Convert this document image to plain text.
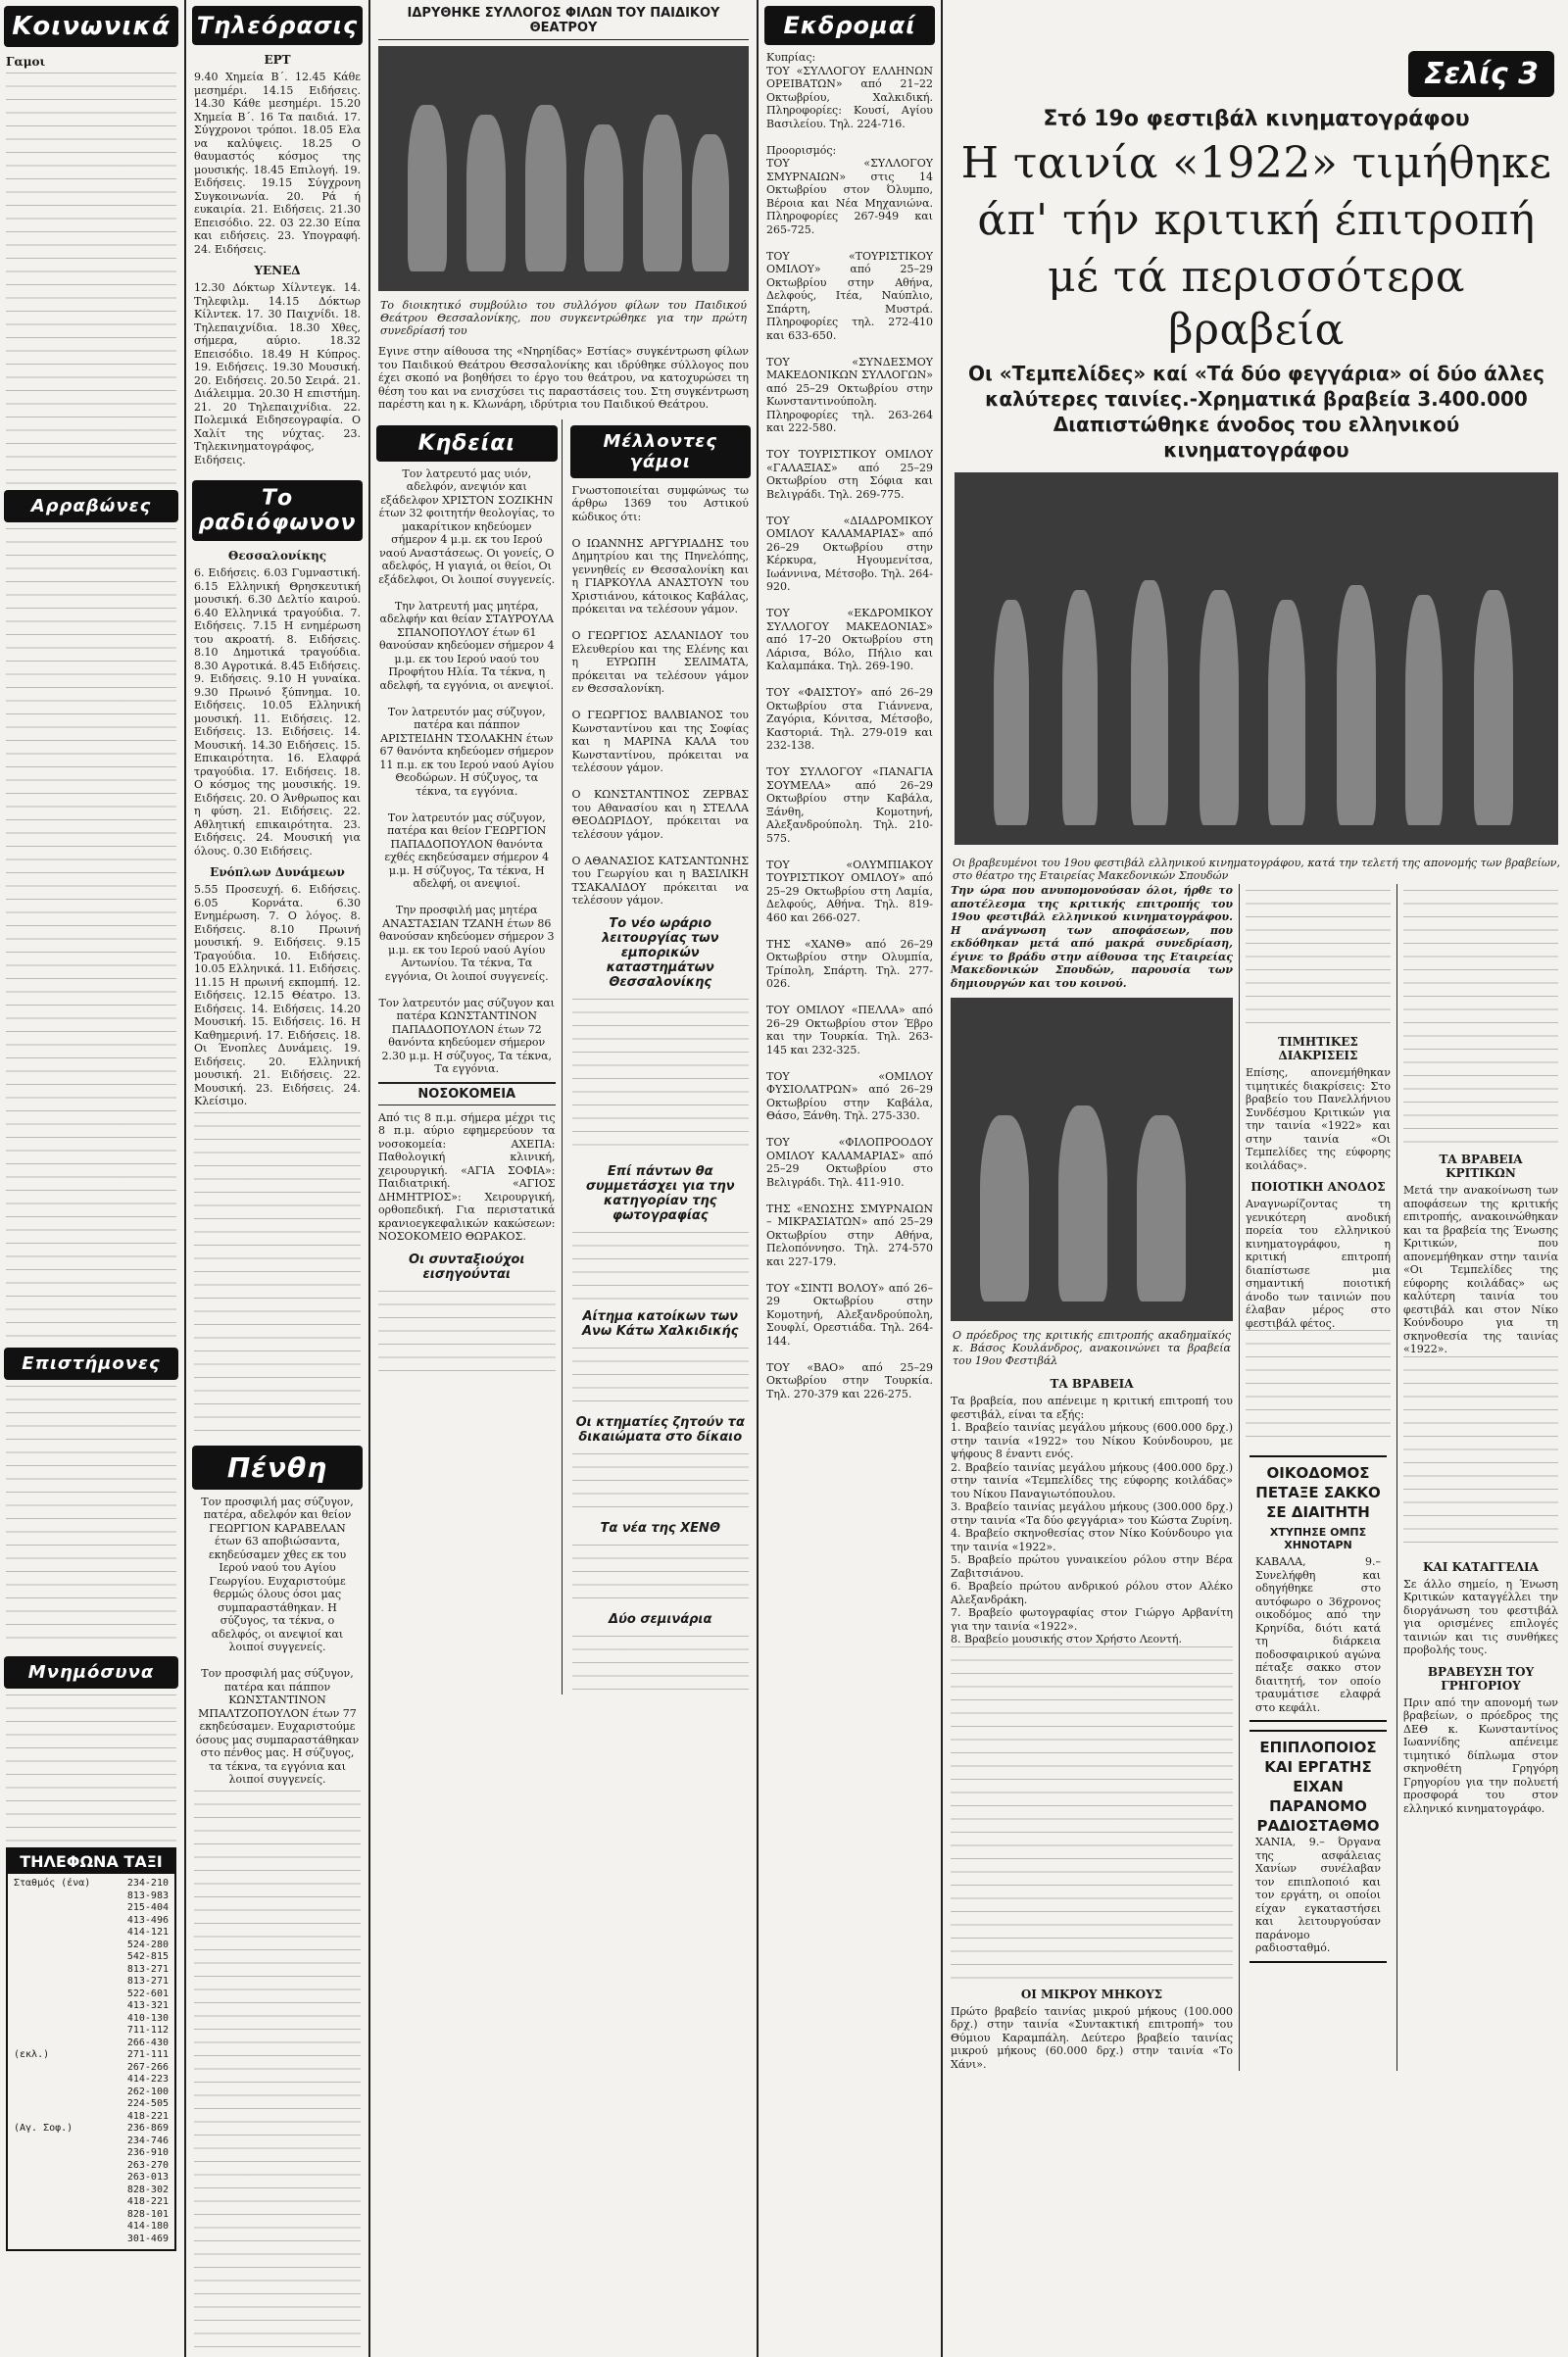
Κοινωνικά
Γαμοι
Αρραβώνες
Επιστήμονες
Μνημόσυνα
ΤΗΛΕΦΩΝΑ ΤΑΞΙ
Σταθμός (ένα)	234-210
813-983
215-404
413-496
414-121
524-280
542-815
813-271
813-271
522-601
413-321
410-130
711-112
266-430
(εκλ.)	271-111
267-266
414-223
262-100
224-505
418-221
(Αγ. Σοφ.)	236-869
234-746
236-910
263-270
263-013
828-302
418-221
828-101
414-180
301-469
Τηλεόρασις
ΕΡΤ
9.40 Χημεία Β΄. 12.45 Κάθε μεσημέρι. 14.15 Ειδήσεις. 14.30 Κάθε μεσημέρι. 15.20 Χημεία Β΄. 16 Τα παιδιά. 17. Σύγχρονοι τρόποι. 18.05 Ελα να καλύψεις. 18.25 Ο θαυμαστός κόσμος της μουσικής. 18.45 Επιλογή. 19. Ειδήσεις. 19.15 Σύγχρονη Συγκοινωνία. 20. Ρά ή ευκαιρία. 21. Ειδήσεις. 21.30 Επεισόδιο. 22. 03 22.30 Είπα και ειδήσεις. 23. Υπογραφή. 24. Ειδήσεις.
ΥΕΝΕΔ
12.30 Δόκτωρ Χίλντεγκ. 14. Τηλεφιλμ. 14.15 Δόκτωρ Κίλντεκ. 17. 30 Παιχνίδι. 18. Τηλεπαιχνίδια. 18.30 Χθες, σήμερα, αύριο. 18.32 Επεισόδιο. 18.49 Η Κύπρος. 19. Ειδήσεις. 19.30 Μουσική. 20. Ειδήσεις. 20.50 Σειρά. 21. Διάλειμμα. 20.30 Η επιστήμη. 21. 20 Τηλεπαιχνίδια. 22. Πολεμικά Ειδησεογραφία. Ο Χαλίτ της νύχτας. 23. Τηλεκινηματογράφος, Ειδήσεις.
Το ραδιόφωνον
Θεσσαλονίκης
6. Ειδήσεις. 6.03 Γυμναστική. 6.15 Ελληνική Θρησκευτική μουσική. 6.30 Δελτίο καιρού. 6.40 Ελληνικά τραγούδια. 7. Ειδήσεις. 7.15 Η ενημέρωση του ακροατή. 8. Ειδήσεις. 8.10 Δημοτικά τραγούδια. 8.30 Αγροτικά. 8.45 Ειδήσεις. 9. Ειδήσεις. 9.10 Η γυναίκα. 9.30 Πρωινό ξύπνημα. 10. Ειδήσεις. 10.05 Ελληνική μουσική. 11. Ειδήσεις. 12. Ειδήσεις. 13. Ειδήσεις. 14. Μουσική. 14.30 Ειδήσεις. 15. Επικαιρότητα. 16. Ελαφρά τραγούδια. 17. Ειδήσεις. 18. Ο κόσμος της μουσικής. 19. Ειδήσεις. 20. Ο Άνθρωπος και η φύση. 21. Ειδήσεις. 22. Αθλητική επικαιρότητα. 23. Ειδήσεις. 24. Μουσική για όλους. 0.30 Ειδήσεις.
Ενόπλων Δυνάμεων
5.55 Προσευχή. 6. Ειδήσεις. 6.05 Κορνάτα. 6.30 Ενημέρωση. 7. Ο λόγος. 8. Ειδήσεις. 8.10 Πρωινή μουσική. 9. Ειδήσεις. 9.15 Τραγούδια. 10. Ειδήσεις. 10.05 Ελληνικά. 11. Ειδήσεις. 11.15 Η πρωινή εκπομπή. 12. Ειδήσεις. 12.15 Θέατρο. 13. Ειδήσεις. 14. Ειδήσεις. 14.20 Μουσική. 15. Ειδήσεις. 16. Η Καθημερινή. 17. Ειδήσεις. 18. Οι Ένοπλες Δυνάμεις. 19. Ειδήσεις. 20. Ελληνική μουσική. 21. Ειδήσεις. 22. Μουσική. 23. Ειδήσεις. 24. Κλείσιμο.
Πένθη
Τον προσφιλή μας σύζυγον, πατέρα, αδελφόν και θείον ΓΕΩΡΓΙΟΝ ΚΑΡΑΒΕΛΑΝ έτων 63 αποβιώσαντα, εκηδεύσαμεν χθες εκ του Ιερού ναού του Αγίου Γεωργίου. Ευχαριστούμε θερμώς όλους όσοι μας συμπαραστάθηκαν. Η σύζυγος, τα τέκνα, ο αδελφός, οι ανεψιοί και λοιποί συγγενείς.

Τον προσφιλή μας σύζυγον, πατέρα και πάππον ΚΩΝΣΤΑΝΤΙΝΟΝ ΜΠΑΛΤΖΟΠΟΥΛΟΝ έτων 77 εκηδεύσαμεν. Ευχαριστούμε όσους μας συμπαραστάθηκαν στο πένθος μας. Η σύζυγος, τα τέκνα, τα εγγόνια και λοιποί συγγενείς.
ΙΔΡΥΘΗΚΕ ΣΥΛΛΟΓΟΣ ΦΙΛΩΝ ΤΟΥ ΠΑΙΔΙΚΟΥ ΘΕΑΤΡΟΥ
Το διοικητικό συμβούλιο του συλλόγου φίλων του Παιδικού Θεάτρου Θεσσαλονίκης, που συγκεντρώθηκε για την πρώτη συνεδρίασή του
Εγινε στην αίθουσα της «Νηρηίδας» Εστίας» συγκέντρωση φίλων του Παιδικού Θεάτρου Θεσσαλονίκης και ιδρύθηκε σύλλογος που έχει σκοπό να βοηθήσει το έργο του θεάτρου, να κατοχυρώσει τη θέση του και να ενισχύσει τις παραστάσεις του. Στη συγκέντρωση παρέστη και η κ. Κλωνάρη, ιδρύτρια του Παιδικού Θεάτρου.
Κηδείαι
Τον λατρευτό μας υιόν, αδελφόν, ανεψιόν και εξάδελφον ΧΡΙΣΤΟΝ ΣΟΖΙΚΗΝ έτων 32 φοιτητήν θεολογίας, το μακαρίτικον κηδεύομεν σήμερον 4 μ.μ. εκ του Ιερού ναού Αναστάσεως. Οι γονείς, Ο αδελφός, Η γιαγιά, οι θείοι, Οι εξάδελφοι, Οι λοιποί συγγενείς.

Την λατρευτή μας μητέρα, αδελφήν και θείαν ΣΤΑΥΡΟΥΛΑ ΣΠΑΝΟΠΟΥΛΟΥ έτων 61 θανούσαν κηδεύομεν σήμερον 4 μ.μ. εκ του Ιερού ναού του Προφήτου Ηλία. Τα τέκνα, η αδελφή, τα εγγόνια, οι ανεψιοί.

Τον λατρευτόν μας σύζυγον, πατέρα και πάππον ΑΡΙΣΤΕΙΔΗΝ ΤΣΟΛΑΚΗΝ έτων 67 θανόντα κηδεύομεν σήμερον 11 π.μ. εκ του Ιερού ναού Αγίου Θεοδώρων. Η σύζυγος, τα τέκνα, τα εγγόνια.

Τον λατρευτόν μας σύζυγον, πατέρα και θείον ΓΕΩΡΓΙΟΝ ΠΑΠΑΔΟΠΟΥΛΟΝ θανόντα εχθές εκηδεύσαμεν σήμερον 4 μ.μ. Η σύζυγος, Τα τέκνα, Η αδελφή, οι ανεψιοί.

Την προσφιλή μας μητέρα ΑΝΑΣΤΑΣΙΑΝ ΤΖΑΝΗ έτων 86 θανούσαν κηδεύομεν σήμερον 3 μ.μ. εκ του Ιερού ναού Αγίου Αντωνίου. Τα τέκνα, Τα εγγόνια, Οι λοιποί συγγενείς.

Τον λατρευτόν μας σύζυγον και πατέρα ΚΩΝΣΤΑΝΤΙΝΟΝ ΠΑΠΑΔΟΠΟΥΛΟΝ έτων 72 θανόντα κηδεύομεν σήμερον 2.30 μ.μ. Η σύζυγος, Τα τέκνα, Τα εγγόνια.
ΝΟΣΟΚΟΜΕΙΑ
Από τις 8 π.μ. σήμερα μέχρι τις 8 π.μ. αύριο εφημερεύουν τα νοσοκομεία: ΑΧΕΠΑ: Παθολογική κλινική, χειρουργική. «ΑΓΙΑ ΣΟΦΙΑ»: Παιδιατρική. «ΑΓΙΟΣ ΔΗΜΗΤΡΙΟΣ»: Χειρουργική, ορθοπεδική. Για περιστατικά κρανιοεγκεφαλικών κακώσεων: ΝΟΣΟΚΟΜΕΙΟ ΘΩΡΑΚΟΣ.
Οι συνταξιούχοι εισηγούνται
Μέλλοντες γάμοι
Γνωστοποιείται συμφώνως τω άρθρω 1369 του Αστικού κώδικος ότι:

Ο ΙΩΑΝΝΗΣ ΑΡΓΥΡΙΑΔΗΣ του Δημητρίου και της Πηνελόπης, γεννηθείς εν Θεσσαλονίκη και η ΓΙΑΡΚΟΥΛΑ ΑΝΑΣΤΟΥΝ του Χριστιάνου, κάτοικος Καβάλας, πρόκειται να τελέσουν γάμον.

Ο ΓΕΩΡΓΙΟΣ ΑΣΛΑΝΙΔΟΥ του Ελευθερίου και της Ελένης και η ΕΥΡΩΠΗ ΣΕΛΙΜΑΤΑ, πρόκειται να τελέσουν γάμον εν Θεσσαλονίκη.

Ο ΓΕΩΡΓΙΟΣ ΒΑΛΒΙΑΝΟΣ του Κωνσταντίνου και της Σοφίας και η ΜΑΡΙΝΑ ΚΑΛΑ του Κωνσταντίνου, πρόκειται να τελέσουν γάμον.

Ο ΚΩΝΣΤΑΝΤΙΝΟΣ ΖΕΡΒΑΣ του Αθανασίου και η ΣΤΕΛΛΑ ΘΕΟΔΩΡΙΔΟΥ, πρόκειται να τελέσουν γάμον.

Ο ΑΘΑΝΑΣΙΟΣ ΚΑΤΣΑΝΤΩΝΗΣ του Γεωργίου και η ΒΑΣΙΛΙΚΗ ΤΣΑΚΑΛΙΔΟΥ πρόκειται να τελέσουν γάμον.
Το νέο ωράριο λειτουργίας των εμπορικών καταστημάτων Θεσσαλονίκης
Επί πάντων θα συμμετάσχει για την κατηγορίαν της φωτογραφίας
Αίτημα κατοίκων των Ανω Κάτω Χαλκιδικής
Οι κτηματίες ζητούν τα δικαιώματα στο δίκαιο
Τα νέα της ΧΕΝΘ
Δύο σεμινάρια
Εκδρομαί
Κυπρίας:
ΤΟΥ «ΣΥΛΛΟΓΟΥ ΕΛΛΗΝΩΝ ΟΡΕΙΒΑΤΩΝ» από 21–22 Οκτωβρίου, Χαλκιδική. Πληροφορίες: Κουσί, Αγίου Βασιλείου. Τηλ. 224-716.

Προορισμός:
ΤΟΥ «ΣΥΛΛΟΓΟΥ ΣΜΥΡΝΑΙΩΝ» στις 14 Οκτωβρίου στον Όλυμπο, Βέροια και Νέα Μηχανιώνα. Πληροφορίες 267-949 και 265-725.

ΤΟΥ «ΤΟΥΡΙΣΤΙΚΟΥ ΟΜΙΛΟΥ» από 25–29 Οκτωβρίου στην Αθήνα, Δελφούς, Ιτέα, Ναύπλιο, Σπάρτη, Μυστρά. Πληροφορίες τηλ. 272-410 και 633-650.

ΤΟΥ «ΣΥΝΔΕΣΜΟΥ ΜΑΚΕΔΟΝΙΚΩΝ ΣΥΛΛΟΓΩΝ» από 25–29 Οκτωβρίου στην Κωνσταντινούπολη. Πληροφορίες τηλ. 263-264 και 222-580.

ΤΟΥ ΤΟΥΡΙΣΤΙΚΟΥ ΟΜΙΛΟΥ «ΓΑΛΑΞΙΑΣ» από 25–29 Οκτωβρίου στη Σόφια και Βελιγράδι. Τηλ. 269-775.

ΤΟΥ «ΔΙΑΔΡΟΜΙΚΟΥ ΟΜΙΛΟΥ ΚΑΛΑΜΑΡΙΑΣ» από 26–29 Οκτωβρίου στην Κέρκυρα, Ηγουμενίτσα, Ιωάννινα, Μέτσοβο. Τηλ. 264-920.

ΤΟΥ «ΕΚΔΡΟΜΙΚΟΥ ΣΥΛΛΟΓΟΥ ΜΑΚΕΔΟΝΙΑΣ» από 17–20 Οκτωβρίου στη Λάρισα, Βόλο, Πήλιο και Καλαμπάκα. Τηλ. 269-190.

ΤΟΥ «ΦΑΙΣΤΟΥ» από 26–29 Οκτωβρίου στα Γιάννενα, Ζαγόρια, Κόνιτσα, Μέτσοβο, Καστοριά. Τηλ. 279-019 και 232-138.

ΤΟΥ ΣΥΛΛΟΓΟΥ «ΠΑΝΑΓΙΑ ΣΟΥΜΕΛΑ» από 26–29 Οκτωβρίου στην Καβάλα, Ξάνθη, Κομοτηνή, Αλεξανδρούπολη. Τηλ. 210-575.

ΤΟΥ «ΟΛΥΜΠΙΑΚΟΥ ΤΟΥΡΙΣΤΙΚΟΥ ΟΜΙΛΟΥ» από 25–29 Οκτωβρίου στη Λαμία, Δελφούς, Αθήνα. Τηλ. 819-460 και 266-027.

ΤΗΣ «ΧΑΝΘ» από 26–29 Οκτωβρίου στην Ολυμπία, Τρίπολη, Σπάρτη. Τηλ. 277-026.

ΤΟΥ ΟΜΙΛΟΥ «ΠΕΛΛΑ» από 26–29 Οκτωβρίου στον Έβρο και την Τουρκία. Τηλ. 263-145 και 232-325.

ΤΟΥ «ΟΜΙΛΟΥ ΦΥΣΙΟΛΑΤΡΩΝ» από 26–29 Οκτωβρίου στην Καβάλα, Θάσο, Ξάνθη. Τηλ. 275-330.

ΤΟΥ «ΦΙΛΟΠΡΟΟΔΟΥ ΟΜΙΛΟΥ ΚΑΛΑΜΑΡΙΑΣ» από 25–29 Οκτωβρίου στο Βελιγράδι. Τηλ. 411-910.

ΤΗΣ «ΕΝΩΣΗΣ ΣΜΥΡΝΑΙΩΝ – ΜΙΚΡΑΣΙΑΤΩΝ» από 25–29 Οκτωβρίου στην Αθήνα, Πελοπόννησο. Τηλ. 274-570 και 227-179.

ΤΟΥ «ΣΙΝΤΙ ΒΟΛΟΥ» από 26–29 Οκτωβρίου στην Κομοτηνή, Αλεξανδρούπολη, Σουφλί, Ορεστιάδα. Τηλ. 264-144.

ΤΟΥ «ΒΑΟ» από 25–29 Οκτωβρίου στην Τουρκία. Τηλ. 270-379 και 226-275.
Σελίς 3
Στό 19ο φεστιβάλ κινηματογράφου
Η ταινία «1922» τιμήθηκε
άπ' τήν κριτική έπιτροπή
μέ τά περισσότερα βραβεία
Οι «Τεμπελίδες» καί «Τά δύο φεγγάρια» οί δύο άλλες καλύτερες ταινίες.-Χρηματικά βραβεία 3.400.000 Διαπιστώθηκε άνοδος του ελληνικού κινηματογράφου
Οι βραβευμένοι του 19ου φεστιβάλ ελληνικού κινηματογράφου, κατά την τελετή της απονομής των βραβείων, στο θέατρο της Εταιρείας Μακεδονικών Σπουδών
Την ώρα που ανυπομονούσαν όλοι, ήρθε το αποτέλεσμα της κριτικής επιτροπής του 19ου φεστιβάλ ελληνικού κινηματογράφου. Η ανάγνωση των αποφάσεων, που εκδόθηκαν μετά από μακρά συνεδρίαση, έγινε το βράδυ στην αίθουσα της Εταιρείας Μακεδονικών Σπουδών, παρουσία των δημιουργών και του κοινού.
Ο πρόεδρος της κριτικής επιτροπής ακαδημαϊκός κ. Βάσος Κουλάνδρος, ανακοινώνει τα βραβεία του 19ου Φεστιβάλ
ΤΑ ΒΡΑΒΕΙΑ
Τα βραβεία, που απένειμε η κριτική επιτροπή του φεστιβάλ, είναι τα εξής:
1. Βραβείο ταινίας μεγάλου μήκους (600.000 δρχ.) στην ταινία «1922» του Νίκου Κούνδουρου, με ψήφους 8 έναντι ενός.
2. Βραβείο ταινίας μεγάλου μήκους (400.000 δρχ.) στην ταινία «Τεμπελίδες της εύφορης κοιλάδας» του Νίκου Παναγιωτόπουλου.
3. Βραβείο ταινίας μεγάλου μήκους (300.000 δρχ.) στην ταινία «Τα δύο φεγγάρια» του Κώστα Ζυρίνη.
4. Βραβείο σκηνοθεσίας στον Νίκο Κούνδουρο για την ταινία «1922».
5. Βραβείο πρώτου γυναικείου ρόλου στην Βέρα Ζαβιτσιάνου.
6. Βραβείο πρώτου ανδρικού ρόλου στον Αλέκο Αλεξανδράκη.
7. Βραβείο φωτογραφίας στον Γιώργο Αρβανίτη για την ταινία «1922».
8. Βραβείο μουσικής στον Χρήστο Λεοντή.
ΟΙ ΜΙΚΡΟΥ ΜΗΚΟΥΣ
Πρώτο βραβείο ταινίας μικρού μήκους (100.000 δρχ.) στην ταινία «Συντακτική επιτροπή» του Θύμιου Καραμπάλη. Δεύτερο βραβείο ταινίας μικρού μήκους (60.000 δρχ.) στην ταινία «Το Χάνι».
ΤΙΜΗΤΙΚΕΣ ΔΙΑΚΡΙΣΕΙΣ
Επίσης, απονεμήθηκαν τιμητικές διακρίσεις: Στο βραβείο του Πανελλήνιου Συνδέσμου Κριτικών για την ταινία «1922» και στην ταινία «Οι Τεμπελίδες της εύφορης κοιλάδας».
ΠΟΙΟΤΙΚΗ ΑΝΟΔΟΣ
Αναγνωρίζοντας τη γενικότερη ανοδική πορεία του ελληνικού κινηματογράφου, η κριτική επιτροπή διαπίστωσε μια σημαντική ποιοτική άνοδο των ταινιών που έλαβαν μέρος στο φεστιβάλ φέτος.
ΟΙΚΟΔΟΜΟΣ ΠΕΤΑΞΕ ΣΑΚΚΟ ΣΕ ΔΙΑΙΤΗΤΗ
ΧΤΥΠΗΣΕ ΟΜΠΣ ΧΗΝΟΤΑΡΝ
ΚΑΒΑΛΑ, 9.– Συνελήφθη και οδηγήθηκε στο αυτόφωρο ο 36χρονος οικοδόμος από την Κρηνίδα, διότι κατά τη διάρκεια ποδοσφαιρικού αγώνα πέταξε σακκο στον διαιτητή, τον οποίο τραυμάτισε ελαφρά στο κεφάλι.
ΕΠΙΠΛΟΠΟΙΟΣ ΚΑΙ ΕΡΓΑΤΗΣ ΕΙΧΑΝ ΠΑΡΑΝΟΜΟ ΡΑΔΙΟΣΤΑΘΜΟ
ΧΑΝΙΑ, 9.– Όργανα της ασφάλειας Χανίων συνέλαβαν τον επιπλοποιό και τον εργάτη, οι οποίοι είχαν εγκαταστήσει και λειτουργούσαν παράνομο ραδιοσταθμό.
ΤΑ ΒΡΑΒΕΙΑ ΚΡΙΤΙΚΩΝ
Μετά την ανακοίνωση των αποφάσεων της κριτικής επιτροπής, ανακοινώθηκαν και τα βραβεία της Ένωσης Κριτικών, που απονεμήθηκαν στην ταινία «Οι Τεμπελίδες της εύφορης κοιλάδας» ως καλύτερη ταινία του φεστιβάλ και στον Νίκο Κούνδουρο για τη σκηνοθεσία της ταινίας «1922».
ΚΑΙ ΚΑΤΑΓΓΕΛΙΑ
Σε άλλο σημείο, η Ένωση Κριτικών καταγγέλλει την διοργάνωση του φεστιβάλ για ορισμένες επιλογές ταινιών και τις συνθήκες προβολής τους.
ΒΡΑΒΕΥΣΗ ΤΟΥ ΓΡΗΓΟΡΙΟΥ
Πριν από την απονομή των βραβείων, ο πρόεδρος της ΔΕΘ κ. Κωνσταντίνος Ιωαννίδης απένειμε τιμητικό δίπλωμα στον σκηνοθέτη Γρηγόρη Γρηγορίου για την πολυετή προσφορά του στον ελληνικό κινηματογράφο.
